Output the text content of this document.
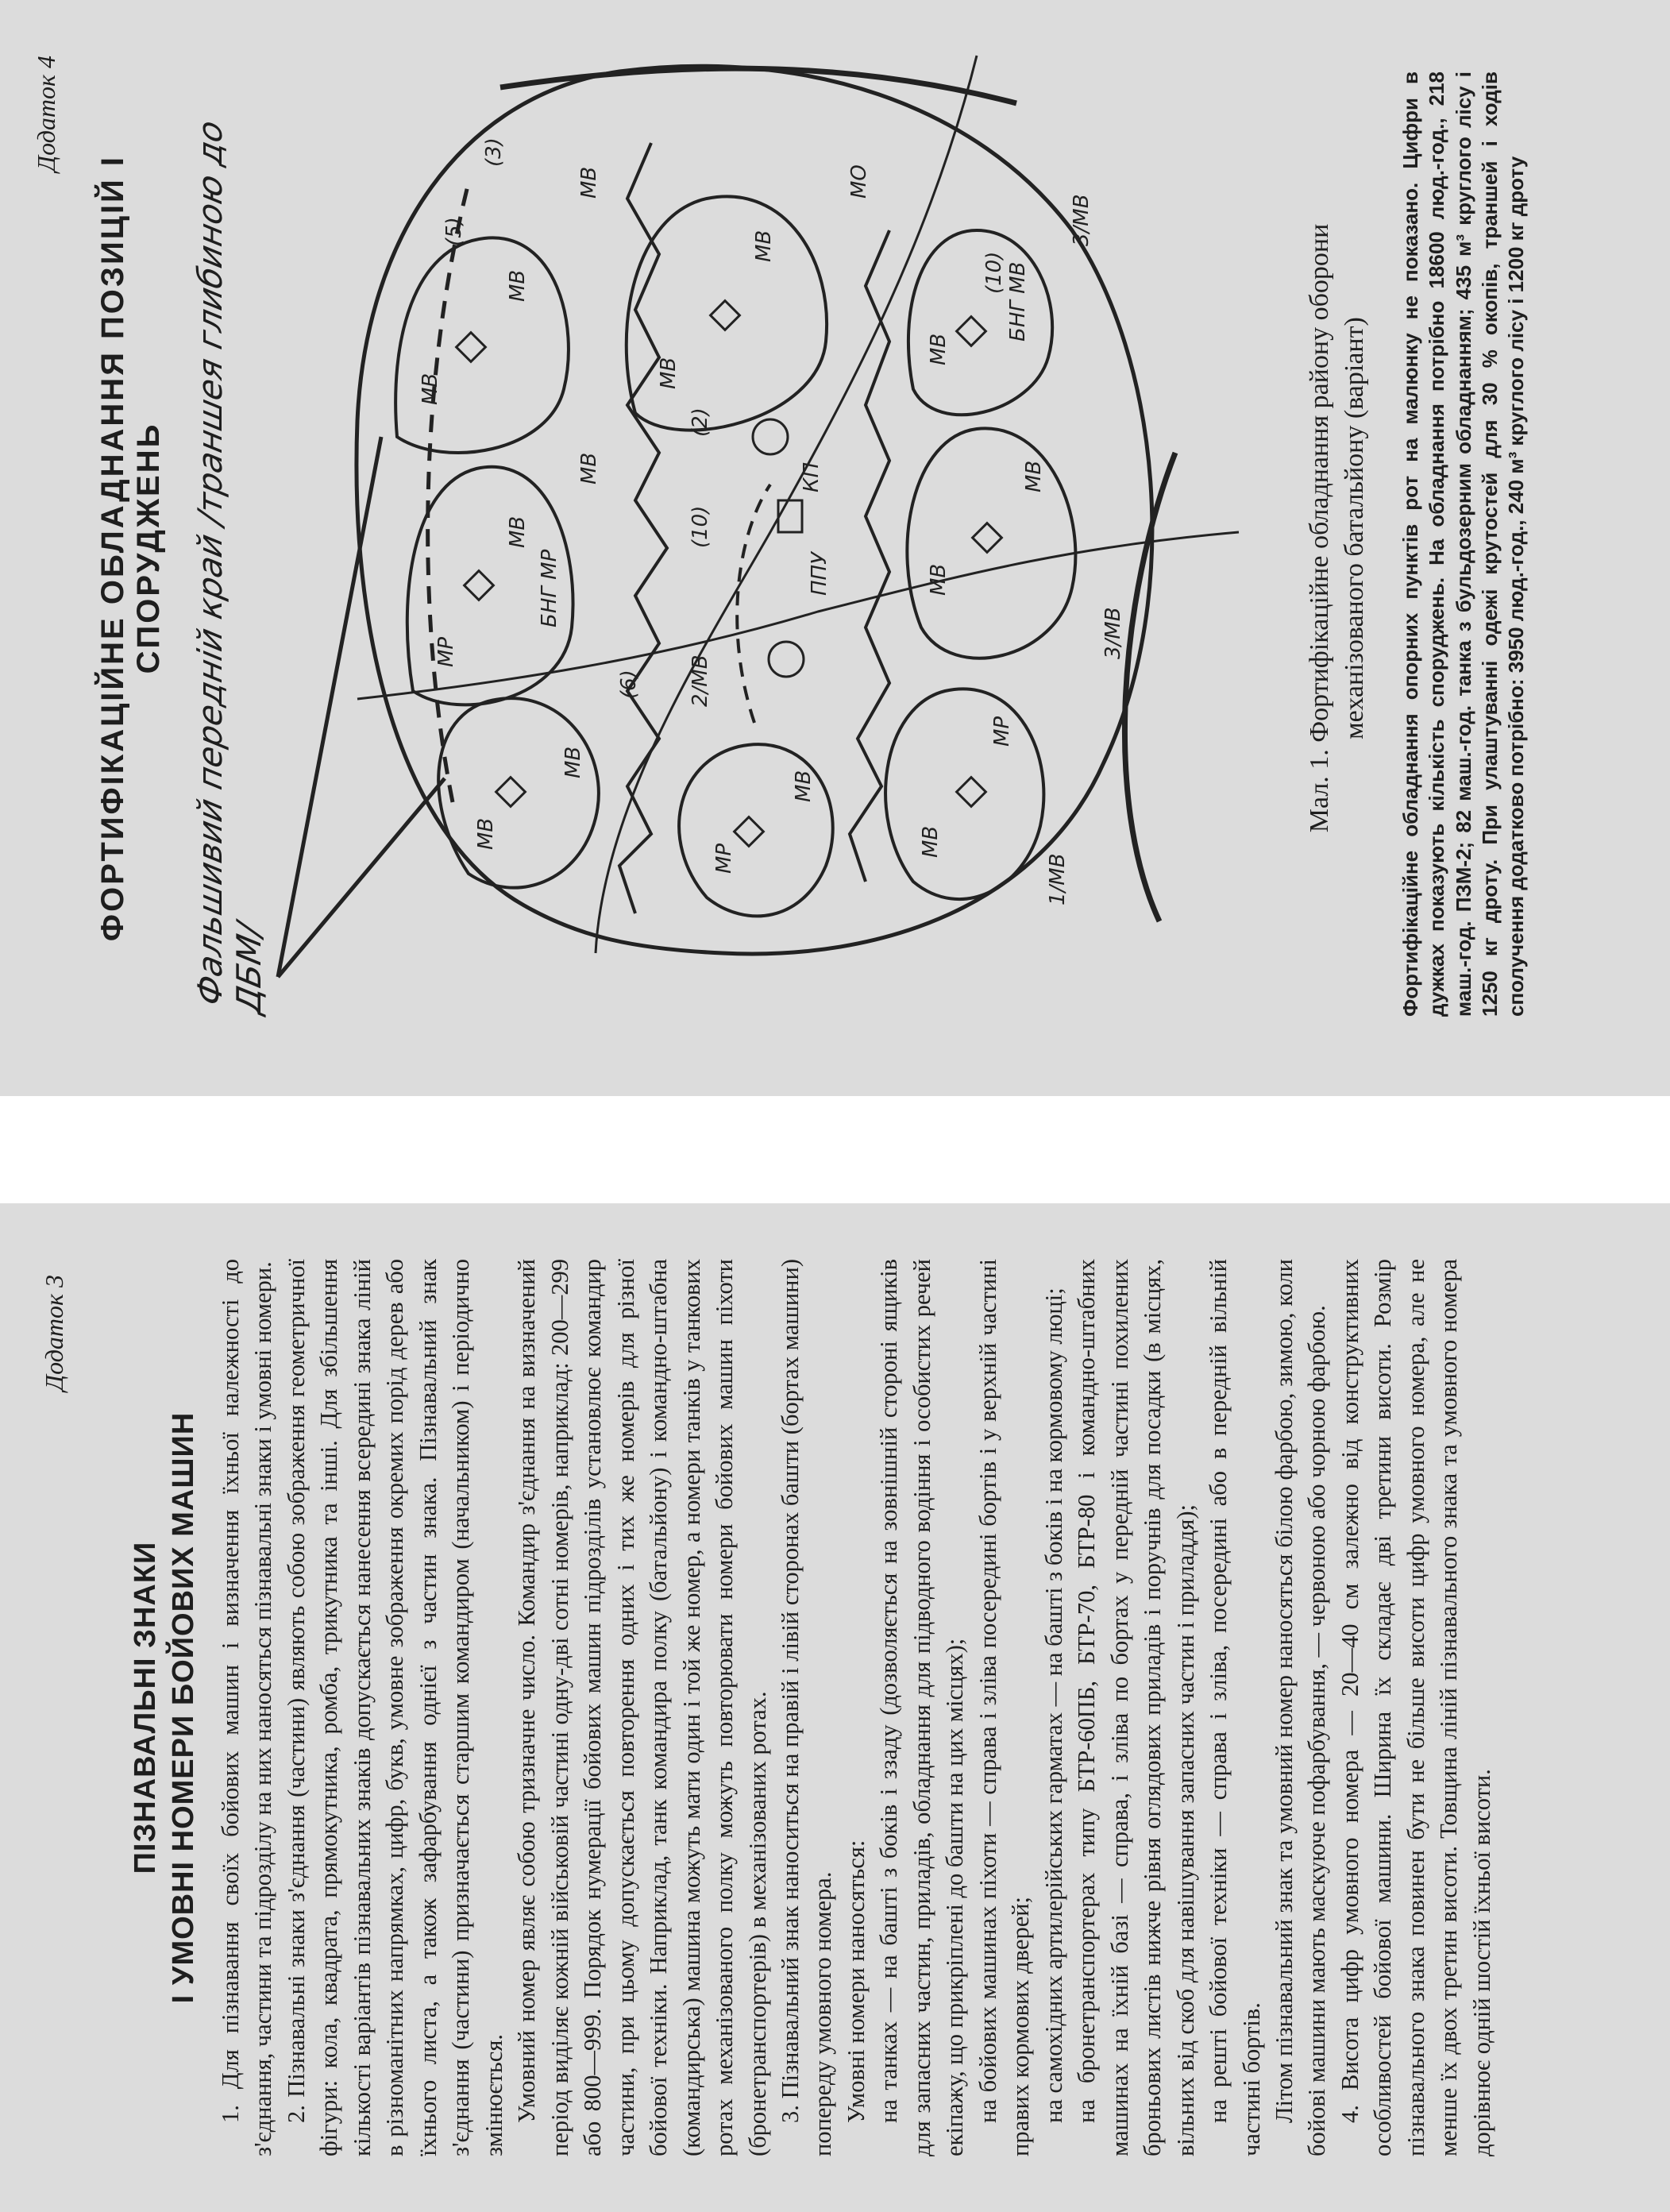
Додаток 4
ФОРТИФІКАЦІЙНЕ ОБЛАДНАННЯ ПОЗИЦІЙ І СПОРУДЖЕНЬ Фальшивий передній край /траншея глибиною до ДБМ/
МВ
МВ
МР
МВ
БНГ МР
МВ
МВ
МР
МВ
МВ
МВ
МВ
МР
МВ
МВ
МВ
БНГ МВ
МВ	МО
МВ
1/МВ
3/МВ
3/МВ
2/МВ
КП
ППУ
(10)
(10)
(6)
(5)
(3)
(2)	Мал. 1. Фортифікаційне обладнання району оборони механізованого батальйону (варіант) Фортифікаційне обладнання опорних пунктів рот на малюнку не показано. Цифри в дужках показують кількість споруджень. На обладнання потрібно 18600 люд.-год., 218 маш.-год. ПЗМ-2; 82 маш.-год. танка з бульдозерним обладнанням; 435 м³ круглого лісу і 1250 кг дроту. При улаштуванні одежі крутостей для 30 % окопів, траншей і ходів сполучення додатково потрібно: 3950 люд.-год., 240 м³ круглого лісу і 1200 кг дроту
Додаток 3
ПІЗНАВАЛЬНІ ЗНАКИ І УМОВНІ НОМЕРИ БОЙОВИХ МАШИН 1. Для пізнавання своїх бойових машин і визначення їхньої належності до з'єднання, частини та підрозділу на них наносяться пізнавальні знаки і умовні номери. 2. Пізнавальні знаки з'єднання (частини) являють собою зображення геометричної фігури: кола, квадрата, прямокутника, ромба, трикутника та інші. Для збільшення кількості варіантів пізнавальних знаків допускається нанесення всередині знака ліній в різноманітних напрямках, цифр, букв, умовне зображення окремих порід дерев або їхнього листа, а також зафарбування однієї з частин знака. Пізнавальний знак з'єднання (частини) призначається старшим командиром (начальником) і періодично змінюється. Умовний номер являє собою тризначне число. Командир з'єднання на визначений період виділяє кожній військовій частині одну-дві сотні номерів, наприклад: 200—299 або 800—999. Порядок нумерації бойових машин підрозділів установлює командир частини, при цьому допускається повторення одних і тих же номерів для різної бойової техніки. Наприклад, танк командира полку (батальйону) і командно-штабна (командирська) машина можуть мати один і той же номер, а номери танків у танкових ротах механізованого полку можуть повторювати номери бойових машин піхоти (бронетранспортерів) в механізованих ротах. 3. Пізнавальний знак наноситься на правій і лівій сторонах башти (бортах машини) попереду умовного номера. Умовні номери наносяться: на танках — на башті з боків і ззаду (дозволяється на зовнішній стороні ящиків для запасних частин, приладів, обладнання для підводного водіння і особистих речей екіпажу, що прикріплені до башти на цих місцях); на бойових машинах піхоти — справа і зліва посередині бортів і у верхній частині правих кормових дверей; на самохідних артилерійських гарматах — на башті з боків і на кормовому люці; на бронетранспортерах типу БТР-60ПБ, БТР-70, БТР-80 і командно-штабних машинах на їхній базі — справа, і зліва по бортах у передній частині похилених броньових листів нижче рівня оглядових приладів і поручнів для посадки (в місцях, вільних від скоб для навішування запасних частин і приладдя); на решті бойової техніки — справа і зліва, посередині або в передній вільній частині бортів. Літом пізнавальний знак та умовний номер наносяться білою фарбою, зимою, коли бойові машини мають маскуюче пофарбування, — червоною або чорною фарбою. 4. Висота цифр умовного номера — 20—40 см залежно від конструктивних особливостей бойової машини. Ширина їх складає дві третини висоти. Розмір пізнавального знака повинен бути не більше висоти цифр умовного номера, але не менше їх двох третин висоти. Товщина ліній пізнавального знака та умовного номера дорівнює одній шостій їхньої висоти.
